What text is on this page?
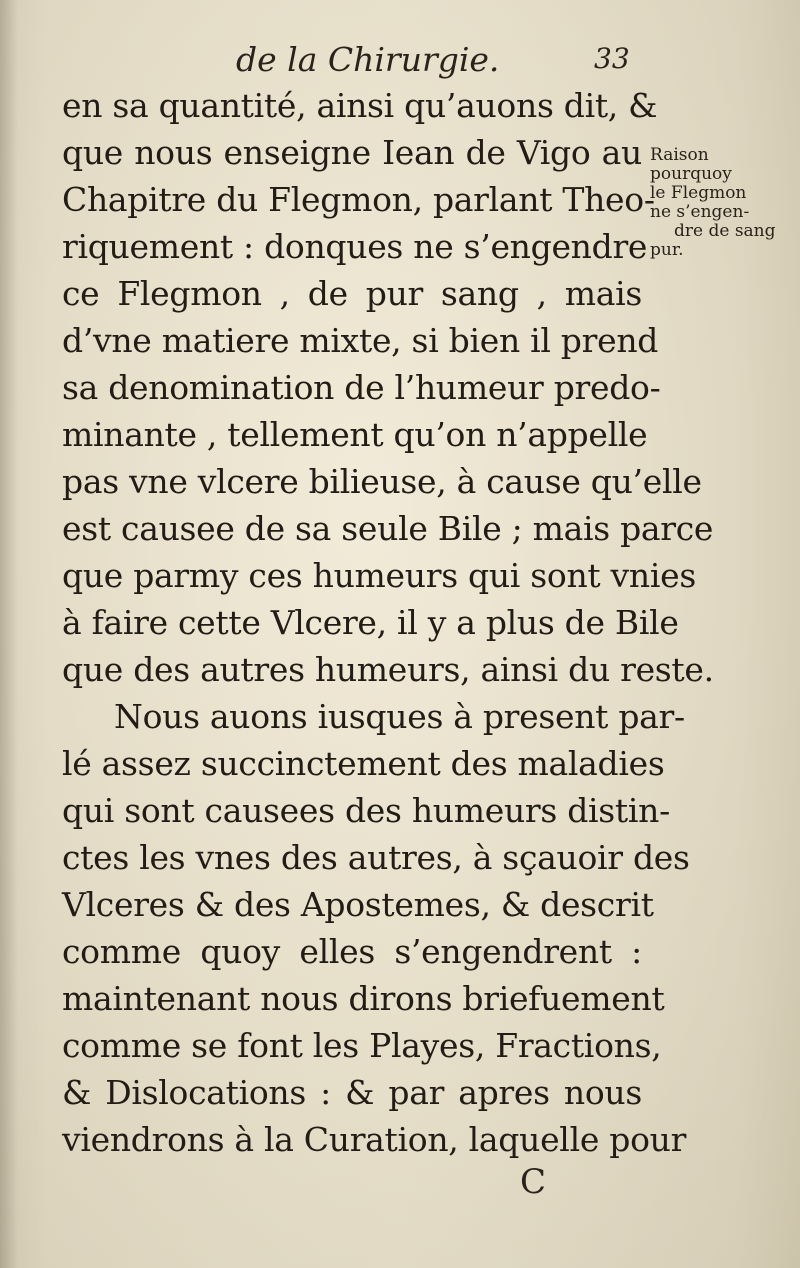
de la Chirurgie.	33
en sa quantité, ainsi qu’auons dit, &
que nous enseigne Iean de Vigo au
Chapitre du Flegmon, parlant Theo-
riquement : donques ne s’engendre
ce Flegmon , de pur sang , mais
d’vne matiere mixte, si bien il prend
sa denomination de l’humeur predo-
minante , tellement qu’on n’appelle
pas vne vlcere bilieuse, à cause qu’elle
est causee de sa seule Bile ; mais parce
que parmy ces humeurs qui sont vnies
à faire cette Vlcere, il y a plus de Bile
que des autres humeurs, ainsi du reste.
Nous auons iusques à present par-
lé assez succinctement des maladies
qui sont causees des humeurs distin-
ctes les vnes des autres, à sçauoir des
Vlceres & des Apostemes, & descrit
comme quoy elles s’engendrent :
maintenant nous dirons briefuement
comme se font les Playes, Fractions,
& Dislocations : & par apres nous
viendrons à la Curation, laquelle pour
Raison
pourquoy
le Flegmon
ne s’engen-
dre de sang
pur.
C
